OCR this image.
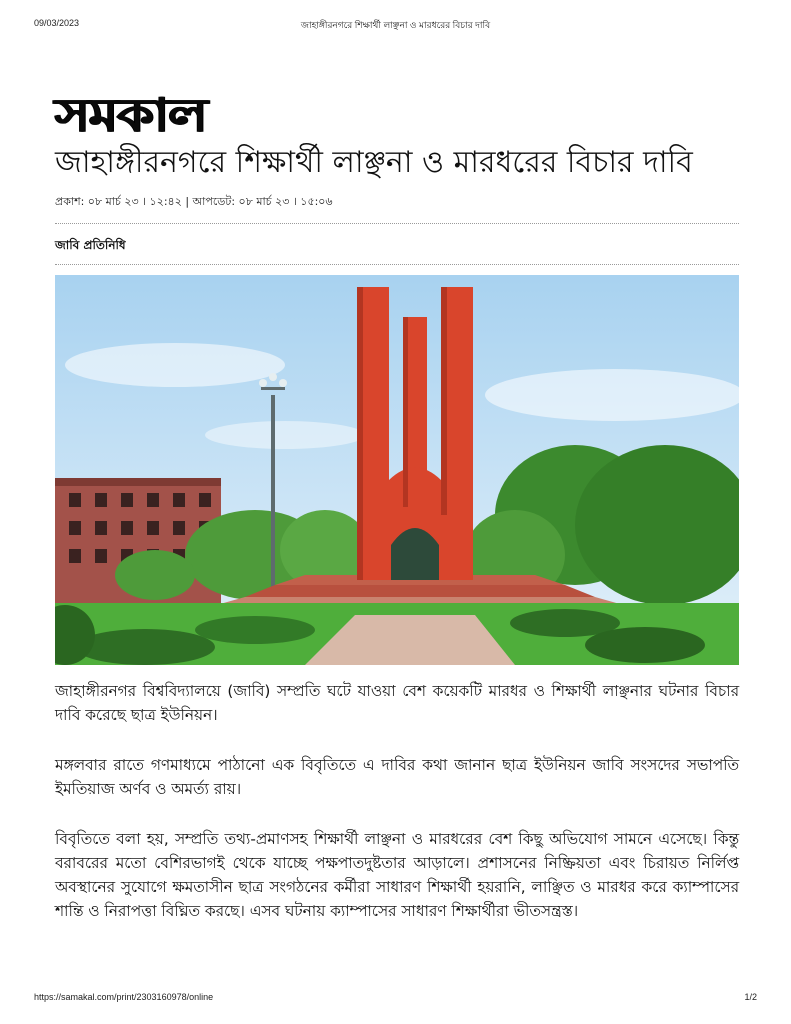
09/03/2023	জাহাঙ্গীরনগরে শিক্ষার্থী লাঞ্ছনা ও মারধরের বিচার দাবি
সমকাল
জাহাঙ্গীরনগরে শিক্ষার্থী লাঞ্ছনা ও মারধরের বিচার দাবি
প্রকাশ: ০৮ মার্চ ২৩ । ১২:৪২ | আপডেট: ০৮ মার্চ ২৩ । ১৫:০৬
জাবি প্রতিনিধি

জাহাঙ্গীরনগর বিশ্ববিদ্যালয়ে (জাবি) সম্প্রতি ঘটে যাওয়া বেশ কয়েকটি মারধর ও শিক্ষার্থী লাঞ্ছনার ঘটনার বিচার দাবি করেছে ছাত্র ইউনিয়ন।

মঙ্গলবার রাতে গণমাধ্যমে পাঠানো এক বিবৃতিতে এ দাবির কথা জানান ছাত্র ইউনিয়ন জাবি সংসদের সভাপতি ইমতিয়াজ অর্ণব ও অমর্ত্য রায়।

বিবৃতিতে বলা হয়, সম্প্রতি তথ্য-প্রমাণসহ শিক্ষার্থী লাঞ্ছনা ও মারধরের বেশ কিছু অভিযোগ সামনে এসেছে। কিন্তু বরাবরের মতো বেশিরভাগই থেকে যাচ্ছে পক্ষপাতদুষ্টতার আড়ালে। প্রশাসনের নিষ্ক্রিয়তা এবং চিরায়ত নির্লিপ্ত অবস্থানের সুযোগে ক্ষমতাসীন ছাত্র সংগঠনের কর্মীরা সাধারণ শিক্ষার্থী হয়রানি, লাঞ্ছিত ও মারধর করে ক্যাম্পাসের শান্তি ও নিরাপত্তা বিঘ্নিত করছে। এসব ঘটনায় ক্যাম্পাসের সাধারণ শিক্ষার্থীরা ভীতসন্ত্রস্ত।

https://samakal.com/print/2303160978/online	1/2
